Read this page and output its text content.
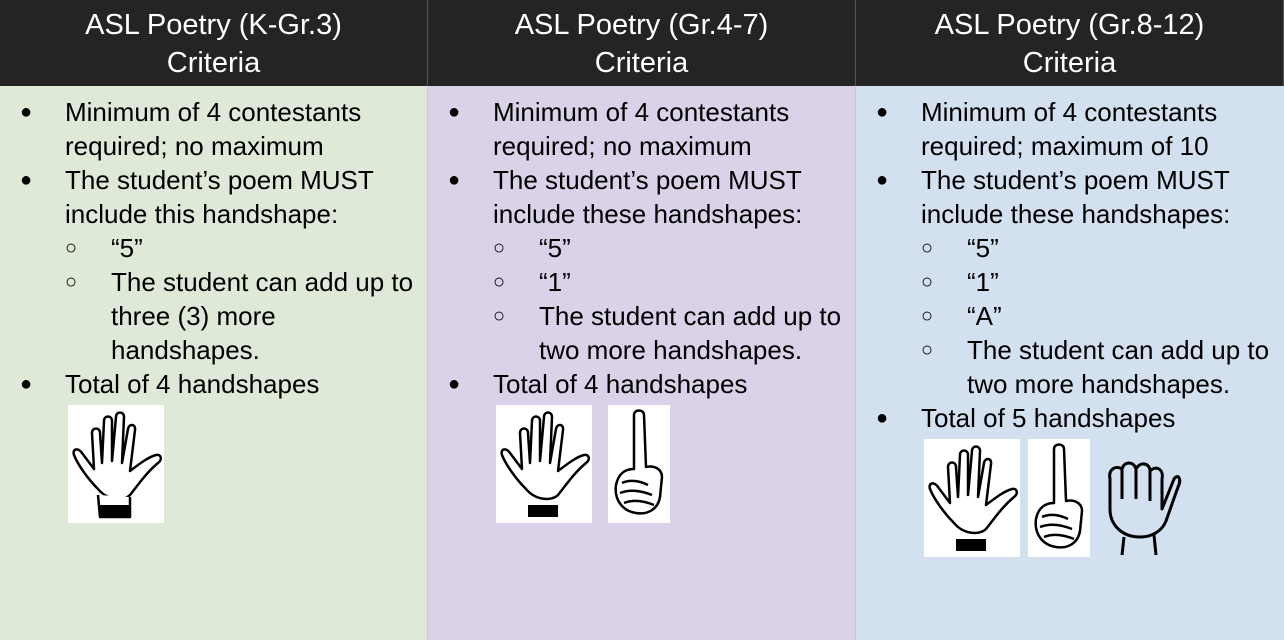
ASL Poetry (K-Gr.3)
Criteria
ASL Poetry (Gr.4-7)
Criteria
ASL Poetry (Gr.8-12)
Criteria
● Minimum of 4 contestants required; no maximum
● The student’s poem MUST include this handshape:
○ “5”
○ The student can add up to three (3) more handshapes.
● Total of 4 handshapes
● Minimum of 4 contestants required; no maximum
● The student’s poem MUST include these handshapes:
○ “5”
○ “1”
○ The student can add up to two more handshapes.
● Total of 4 handshapes
● Minimum of 4 contestants required; maximum of 10
● The student’s poem MUST include these handshapes:
○ “5”
○ “1”
○ “A”
○ The student can add up to two more handshapes.
● Total of 5 handshapes
